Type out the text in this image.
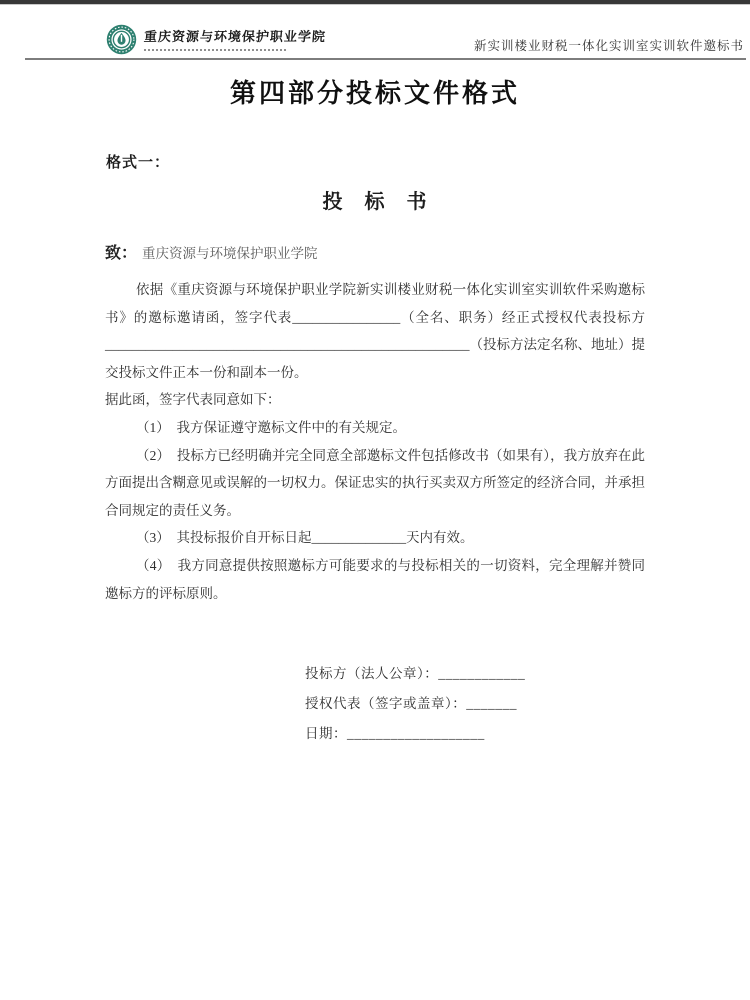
重庆资源与环境保护职业学院
新实训楼业财税一体化实训室实训软件邀标书
第四部分投标文件格式
格式一：
投　标　书
致： 重庆资源与环境保护职业学院

依据《重庆资源与环境保护职业学院新实训楼业财税一体化实训室实训软件采购邀标书》的邀标邀请函，签字代表________________（全名、职务）经正式授权代表投标方______________________________________________________（投标方法定名称、地址）提交投标文件正本一份和副本一份。

据此函，签字代表同意如下：

（1）　我方保证遵守邀标文件中的有关规定。

（2）　投标方已经明确并完全同意全部邀标文件包括修改书（如果有），我方放弃在此方面提出含糊意见或误解的一切权力。保证忠实的执行买卖双方所签定的经济合同，并承担合同规定的责任义务。

（3）　其投标报价自开标日起______________天内有效。

（4）　我方同意提供按照邀标方可能要求的与投标相关的一切资料，完全理解并赞同邀标方的评标原则。

投标方（法人公章）：____________
授权代表（签字或盖章）：_______
日期：___________________
